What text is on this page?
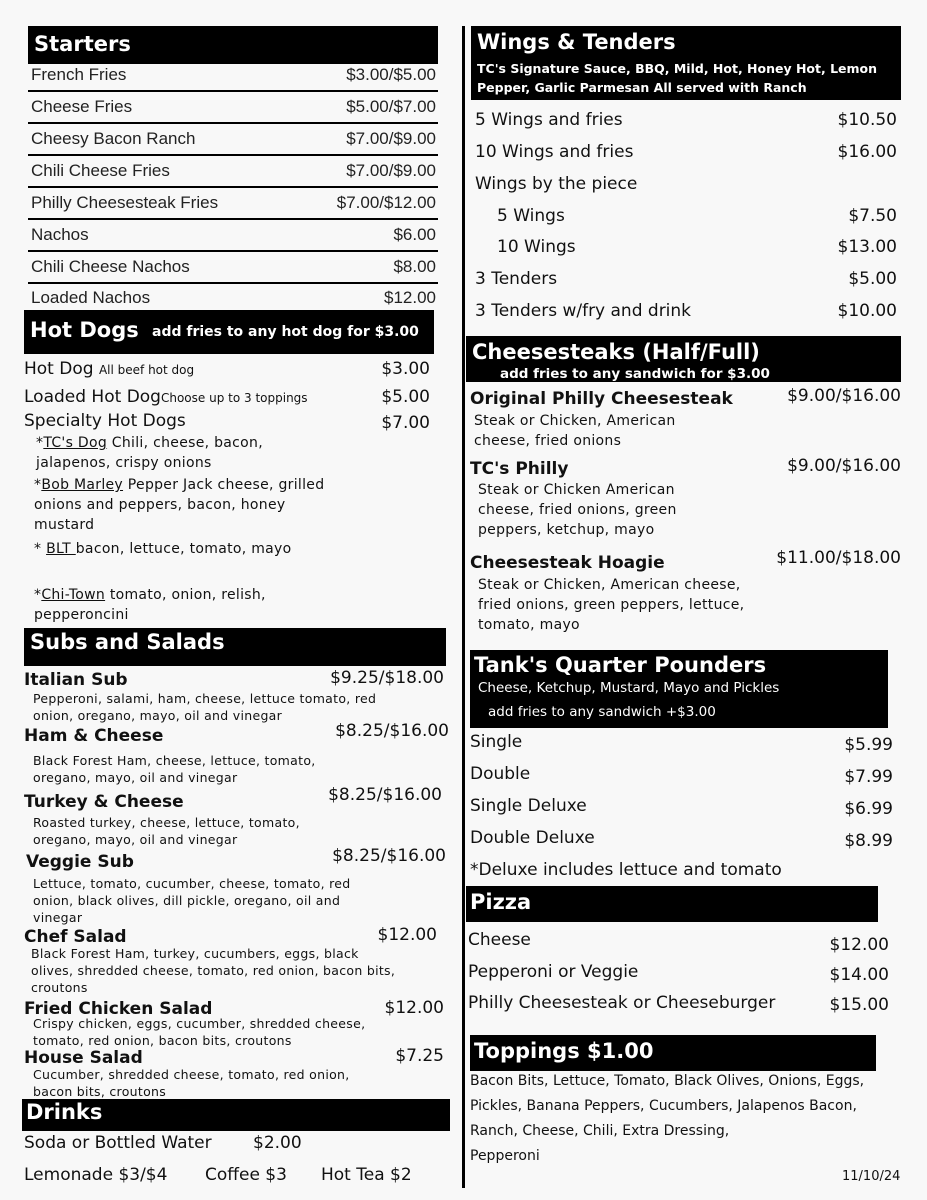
Starters
French Fries	$3.00/$5.00
Cheese Fries	$5.00/$7.00
Cheesy Bacon Ranch	$7.00/$9.00
Chili Cheese Fries	$7.00/$9.00
Philly Cheesesteak Fries	$7.00/$12.00
Nachos	$6.00
Chili Cheese Nachos	$8.00
Loaded Nachos	$12.00
Hot Dogs add fries to any hot dog for $3.00
Hot Dog All beef hot dog	$3.00
Loaded Hot DogChoose up to 3 toppings	$5.00
Specialty Hot Dogs	$7.00
*TC's Dog Chili, cheese, bacon, jalapenos, crispy onions
*Bob Marley Pepper Jack cheese, grilled onions and peppers, bacon, honey mustard
* BLT bacon, lettuce, tomato, mayo
*Chi-Town tomato, onion, relish, pepperoncini
Subs and Salads
Italian Sub	$9.25/$18.00
Pepperoni, salami, ham, cheese, lettuce tomato, red onion, oregano, mayo, oil and vinegar
Ham & Cheese	$8.25/$16.00
Black Forest Ham, cheese, lettuce, tomato, oregano, mayo, oil and vinegar
Turkey & Cheese	$8.25/$16.00
Roasted turkey, cheese, lettuce, tomato, oregano, mayo, oil and vinegar
Veggie Sub	$8.25/$16.00
Lettuce, tomato, cucumber, cheese, tomato, red onion, black olives, dill pickle, oregano, oil and vinegar
Chef Salad	$12.00
Black Forest Ham, turkey, cucumbers, eggs, black olives, shredded cheese, tomato, red onion, bacon bits, croutons
Fried Chicken Salad	$12.00
Crispy chicken, eggs, cucumber, shredded cheese, tomato, red onion, bacon bits, croutons
House Salad	$7.25
Cucumber, shredded cheese, tomato, red onion, bacon bits, croutons
Drinks
Soda or Bottled Water $2.00
Lemonade $3/$4 Coffee $3 Hot Tea $2
Wings & Tenders
TC's Signature Sauce, BBQ, Mild, Hot, Honey Hot, Lemon
Pepper, Garlic Parmesan All served with Ranch
5 Wings and fries	$10.50
10 Wings and fries	$16.00
Wings by the piece
5 Wings	$7.50
10 Wings	$13.00
3 Tenders	$5.00
3 Tenders w/fry and drink	$10.00
Cheesesteaks (Half/Full)
add fries to any sandwich for $3.00
Original Philly Cheesesteak	$9.00/$16.00
Steak or Chicken, American cheese, fried onions
TC's Philly	$9.00/$16.00
Steak or Chicken American cheese, fried onions, green peppers, ketchup, mayo
Cheesesteak Hoagie	$11.00/$18.00
Steak or Chicken, American cheese, fried onions, green peppers, lettuce, tomato, mayo
Tank's Quarter Pounders
Cheese, Ketchup, Mustard, Mayo and Pickles
add fries to any sandwich +$3.00
Single	$5.99
Double	$7.99
Single Deluxe	$6.99
Double Deluxe	$8.99
*Deluxe includes lettuce and tomato
Pizza
Cheese	$12.00
Pepperoni or Veggie	$14.00
Philly Cheesesteak or Cheeseburger	$15.00
Toppings $1.00
Bacon Bits, Lettuce, Tomato, Black Olives, Onions, Eggs,
Pickles, Banana Peppers, Cucumbers, Jalapenos Bacon,
Ranch, Cheese, Chili, Extra Dressing,
Pepperoni
11/10/24
